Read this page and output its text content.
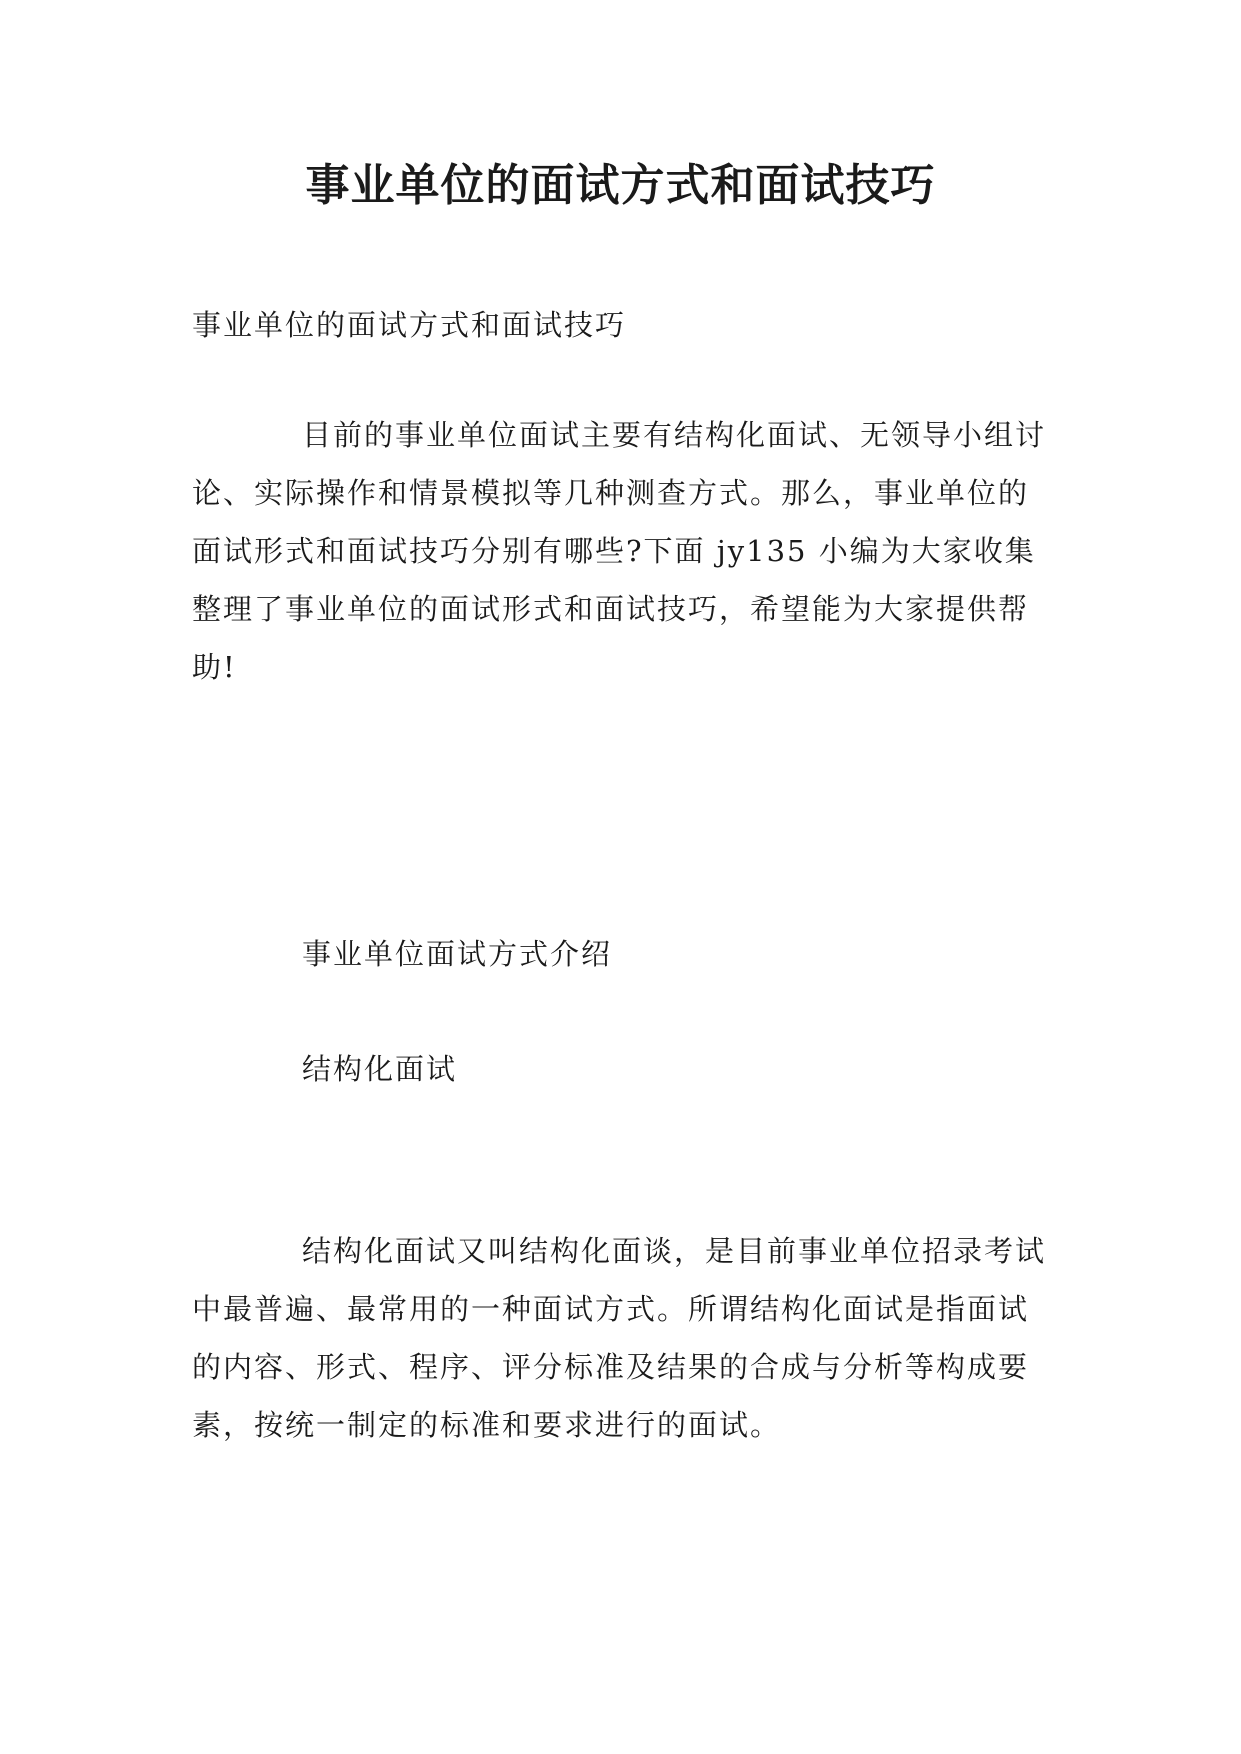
事业单位的面试方式和面试技巧

事业单位的面试方式和面试技巧

目前的事业单位面试主要有结构化面试、无领导小组讨论、实际操作和情景模拟等几种测查方式。那么，事业单位的面试形式和面试技巧分别有哪些?下面 jy135 小编为大家收集整理了事业单位的面试形式和面试技巧，希望能为大家提供帮助!

事业单位面试方式介绍

结构化面试

结构化面试又叫结构化面谈，是目前事业单位招录考试中最普遍、最常用的一种面试方式。所谓结构化面试是指面试的内容、形式、程序、评分标准及结果的合成与分析等构成要素，按统一制定的标准和要求进行的面试。
